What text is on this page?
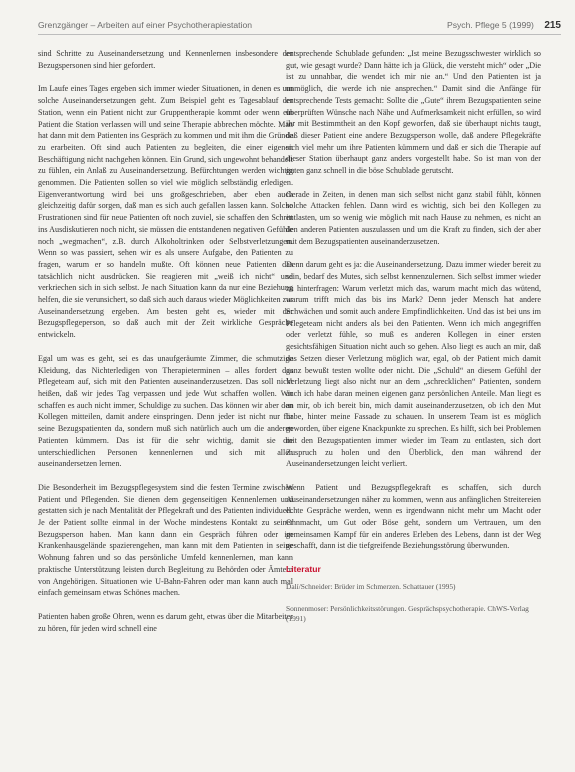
Grenzgänger – Arbeiten auf einer Psychotherapiestation	Psych. Pflege 5 (1999) 215

sind Schritte zu Auseinandersetzung und Kennenlernen insbesondere der Bezugspersonen sind hier gefordert.

Im Laufe eines Tages ergeben sich immer wieder Situationen, in denen es um solche Auseinandersetzungen geht. Zum Beispiel geht es Tagesablauf der Station, wenn ein Patient nicht zur Gruppentherapie kommt oder wenn ein Patient die Station verlassen will und seine Therapie abbrechen möchte. Man hat dann mit dem Patienten ins Gespräch zu kommen und mit ihm die Gründe zu erarbeiten. Oft sind auch Patienten zu begleiten, die einer eigenen Beschäftigung nicht nachgehen können. Ein Grund, sich ungewohnt behandelt zu fühlen, ein Anlaß zu Auseinandersetzung. Befürchtungen werden wichtig genommen. Die Patienten sollen so viel wie möglich selbständig erledigen. Eigenverantwortung wird bei uns großgeschrieben, aber eben auch gleichzeitig dafür sorgen, daß man es sich auch gefallen lassen kann. Solche Frustrationen sind für neue Patienten oft noch zuviel, sie schaffen den Schritt ins Ausdiskutieren noch nicht, sie müssen die entstandenen negativen Gefühle noch „wegmachen“, z.B. durch Alkoholtrinken oder Selbstverletzungen. Wenn so was passiert, sehen wir es als unsere Aufgabe, den Patienten zu fragen, warum er so handeln mußte. Oft können neue Patienten das tatsächlich nicht ausdrücken. Sie reagieren mit „weiß ich nicht“ und verkriechen sich in sich selbst. Je nach Situation kann da nur eine Beziehung helfen, die sie verunsichert, so daß sich auch daraus wieder Möglichkeiten zur Auseinandersetzung ergeben. Am besten geht es, wieder mit der Bezugspflegeperson, so daß auch mit der Zeit wirkliche Gespräche entwickeln.

Egal um was es geht, sei es das unaufgeräumte Zimmer, die schmutzige Kleidung, das Nichterledigen von Therapieterminen – alles fordert das Pflegeteam auf, sich mit den Patienten auseinanderzusetzen. Das soll nicht heißen, daß wir jedes Tag verpassen und jede Wut schaffen wollen. Wir schaffen es auch nicht immer, Schuldige zu suchen. Das können wir aber den Kollegen mitteilen, damit andere einspringen. Denn jeder ist nicht nur für seine Bezugspatienten da, sondern muß sich natürlich auch um die anderen Patienten kümmern. Das ist für die sehr wichtig, damit sie die unterschiedlichen Personen kennenlernen und sich mit allen auseinandersetzen lernen.

Die Besonderheit im Bezugspflegesystem sind die festen Termine zwischen Patient und Pflegenden. Sie dienen dem gegenseitigen Kennenlernen und gestatten sich je nach Mentalität der Pflegekraft und des Patienten individuell. Je der Patient sollte einmal in der Woche mindestens Kontakt zu seiner Bezugsperson haben. Man kann dann ein Gespräch führen oder im Krankenhausgelände spazierengehen, man kann mit dem Patienten in seine Wohnung fahren und so das persönliche Umfeld kennenlernen, man kann praktische Unterstützung leisten durch Begleitung zu Behörden oder Ämtern von Angehörigen. Situationen wie U-Bahn-Fahren oder man kann auch mal einfach gemeinsam etwas Schönes machen.

Patienten haben große Ohren, wenn es darum geht, etwas über die Mitarbeiter zu hören, für jeden wird schnell eine

entsprechende Schublade gefunden: „Ist meine Bezugsschwester wirklich so gut, wie gesagt wurde? Dann hätte ich ja Glück, die versteht mich“ oder „Die ist zu unnahbar, die wendet ich mir nie an.“ Und den Patienten ist ja unmöglich, die werde ich nie ansprechen.“ Damit sind die Anfänge für entsprechende Tests gemacht: Sollte die „Gute“ ihrem Bezugspatienten seine überprüften Wünsche nach Nähe und Aufmerksamkeit nicht erfüllen, so wird ihr mit Bestimmtheit an den Kopf geworfen, daß sie überhaupt nichts taugt, daß dieser Patient eine andere Bezugsperson wolle, daß andere Pflegekräfte sich viel mehr um ihre Patienten kümmern und daß er sich die Therapie auf dieser Station überhaupt ganz anders vorgestellt habe. So ist man von der guten ganz schnell in die böse Schublade gerutscht.

Gerade in Zeiten, in denen man sich selbst nicht ganz stabil fühlt, können solche Attacken fehlen. Dann wird es wichtig, sich bei den Kollegen zu entlasten, um so wenig wie möglich mit nach Hause zu nehmen, es nicht an den anderen Patienten auszulassen und um die Kraft zu finden, sich der aber mit dem Bezugspatienten auseinanderzusetzen.

Denn darum geht es ja: die Auseinandersetzung. Dazu immer wieder bereit zu sein, bedarf des Mutes, sich selbst kennenzulernen. Sich selbst immer wieder zu hinterfragen: Warum verletzt mich das, warum macht mich das wütend, warum trifft mich das bis ins Mark? Denn jeder Mensch hat andere Schwächen und somit auch andere Empfindlichkeiten. Und das ist bei uns im Pflegeteam nicht anders als bei den Patienten. Wenn ich mich angegriffen oder verletzt fühle, so muß es anderen Kollegen in einer ersten gesichtsfähigen Situation nicht auch so gehen. Also liegt es auch an mir, daß das Setzen dieser Verletzung möglich war, egal, ob der Patient mich damit ganz bewußt testen wollte oder nicht. Die „Schuld“ an diesem Gefühl der Verletzung liegt also nicht nur an dem „schrecklichen“ Patienten, sondern auch ich habe daran meinen eigenen ganz persönlichen Anteile. Man liegt es an mir, ob ich bereit bin, mich damit auseinanderzusetzen, ob ich den Mut habe, hinter meine Fassade zu schauen. In unserem Team ist es möglich geworden, über eigene Knackpunkte zu sprechen. Es hilft, sich bei Problemen mit den Bezugspatienten immer wieder im Team zu entlasten, sich dort Zuspruch zu holen und den Überblick, den man während der Auseinandersetzungen leicht verliert.

Wenn Patient und Bezugspflegekraft es schaffen, sich durch Auseinandersetzungen näher zu kommen, wenn aus anfänglichen Streitereien echte Gespräche werden, wenn es irgendwann nicht mehr um Macht oder Ohnmacht, um Gut oder Böse geht, sondern um Vertrauen, um den gemeinsamen Kampf für ein anderes Erleben des Lebens, dann ist der Weg geschafft, dann ist die tiefgreifende Beziehungsstörung überwunden.

Literatur

Dalí/Schneider: Brüder im Schmerzen. Schattauer (1995)

Sonnenmoser: Persönlichkeitsstörungen. Gesprächspsychotherapie. ChWS-Verlag (1991)
